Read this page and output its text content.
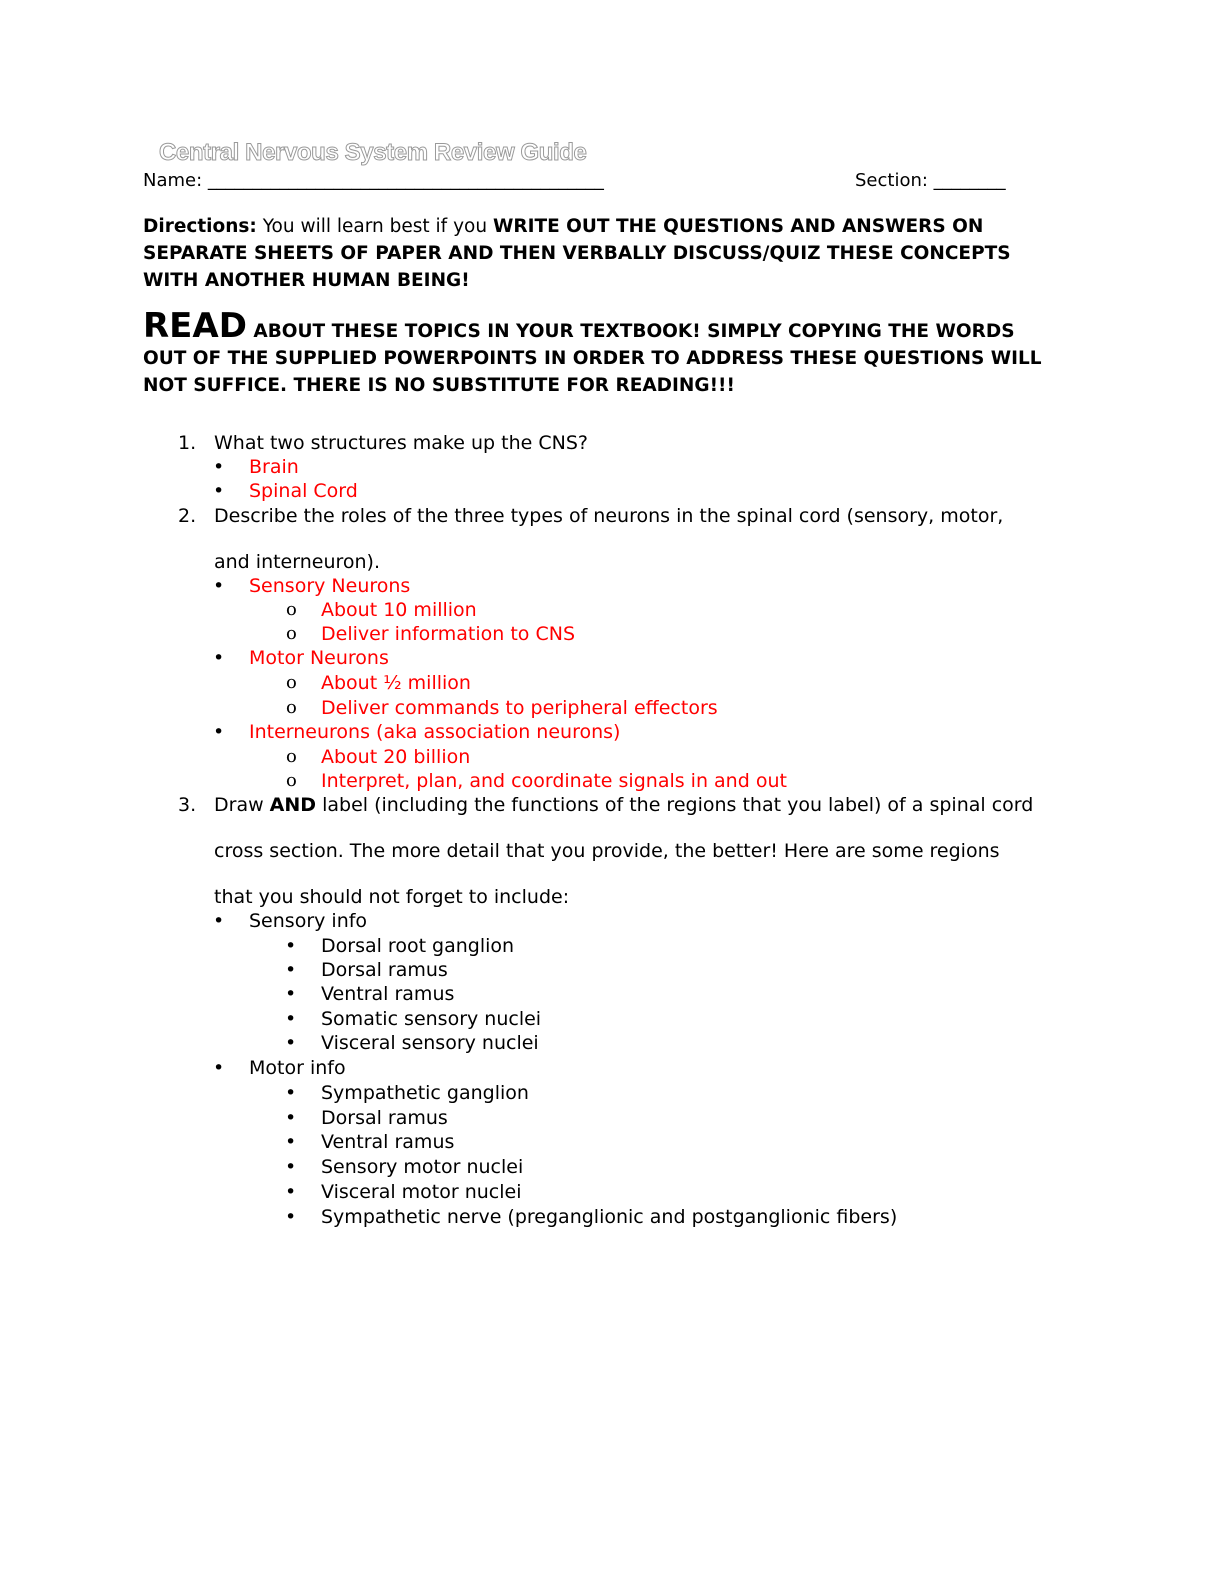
Central Nervous System Review Guide
Name: ____________________________________________	Section: ________
Directions: You will learn best if you WRITE OUT THE QUESTIONS AND ANSWERS ON SEPARATE SHEETS OF PAPER AND THEN VERBALLY DISCUSS/QUIZ THESE CONCEPTS WITH ANOTHER HUMAN BEING!
READ ABOUT THESE TOPICS IN YOUR TEXTBOOK! SIMPLY COPYING THE WORDS OUT OF THE SUPPLIED POWERPOINTS IN ORDER TO ADDRESS THESE QUESTIONS WILL NOT SUFFICE. THERE IS NO SUBSTITUTE FOR READING!!!
1. What two structures make up the CNS?
• Brain
• Spinal Cord
2. Describe the roles of the three types of neurons in the spinal cord (sensory, motor,
and interneuron).
• Sensory Neurons
o About 10 million
o Deliver information to CNS
• Motor Neurons
o About ½ million
o Deliver commands to peripheral effectors
• Interneurons (aka association neurons)
o About 20 billion
o Interpret, plan, and coordinate signals in and out
3. Draw AND label (including the functions of the regions that you label) of a spinal cord
cross section. The more detail that you provide, the better! Here are some regions
that you should not forget to include:
• Sensory info
• Dorsal root ganglion
• Dorsal ramus
• Ventral ramus
• Somatic sensory nuclei
• Visceral sensory nuclei
• Motor info
• Sympathetic ganglion
• Dorsal ramus
• Ventral ramus
• Sensory motor nuclei
• Visceral motor nuclei
• Sympathetic nerve (preganglionic and postganglionic fibers)
